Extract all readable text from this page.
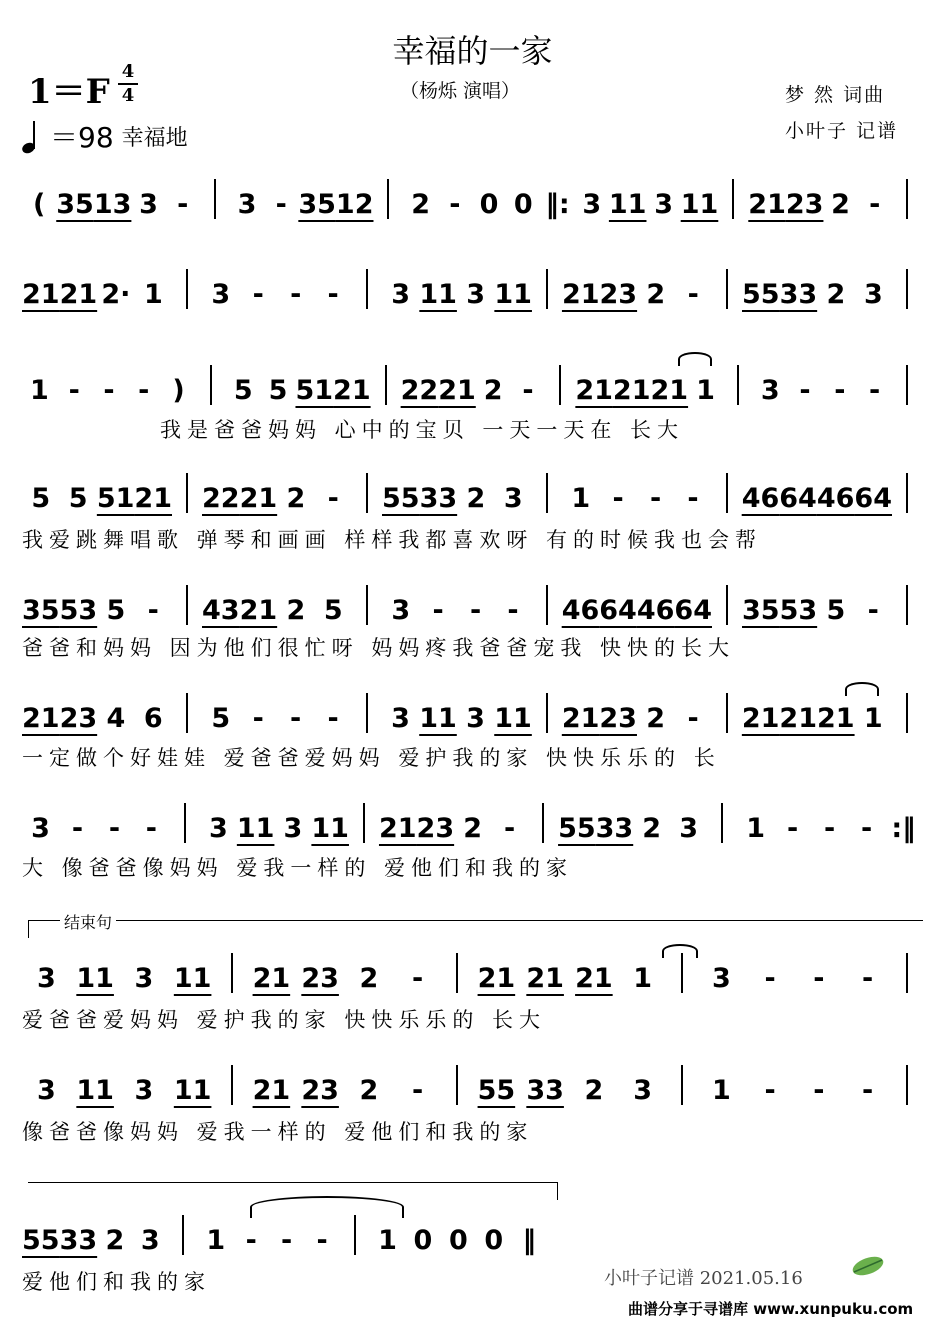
幸福的一家
（杨烁 演唱）
1＝F
4
4
＝98 幸福地
梦 然 词曲
小叶子 记谱
( 35 13 3 -	3 - 35 12 2 - 0 0 ‖: 3 11 3 11 21 23 2 -
21 21 2· 1	3 - - -	3 11 3 11 21 23 2 -	55 33 2 3
1 - - - )	5 5 51 21 22 21 2 -	21 21 21 1 3 - - -
我是爸爸妈妈 心中的宝贝 一天一天在 长大
5 5 51 21 22 21 2 -	55 33 2 3	1 - - -	46 64 46 64
我爱跳舞唱歌 弹琴和画画 样样我都喜欢呀 有的时候我也会帮
35 53 5 -	43 21 2 5	3 - - -	46 64 46 64 35 53 5 -
爸爸和妈妈 因为他们很忙呀 妈妈疼我爸爸宠我 快快的长大
21 23 4 6	5 - - -	3 11 3 11 21 23 2 -	21 21 21 1
一定做个好娃娃 爱爸爸爱妈妈 爱护我的家 快快乐乐的 长
3 - - -	3 11 3 11 21 23 2 -	55 33 2 3	1 - - - :‖
大 像爸爸像妈妈 爱我一样的 爱他们和我的家
3 11 3 11 21 23 2	-	21 21 21 1	3	-	-	-
爱爸爸爱妈妈 爱护我的家 快快乐乐的 长大
3 11 3 11 21 23 2	-	55 33 2	3	1	-	-	-
像爸爸像妈妈 爱我一样的 爱他们和我的家
55 33 2 3	1 - - -	1 0 0 0 ‖
爱他们和我的家
结束句
小叶子记谱 2021.05.16
曲谱分享于寻谱库 www.xunpuku.com
